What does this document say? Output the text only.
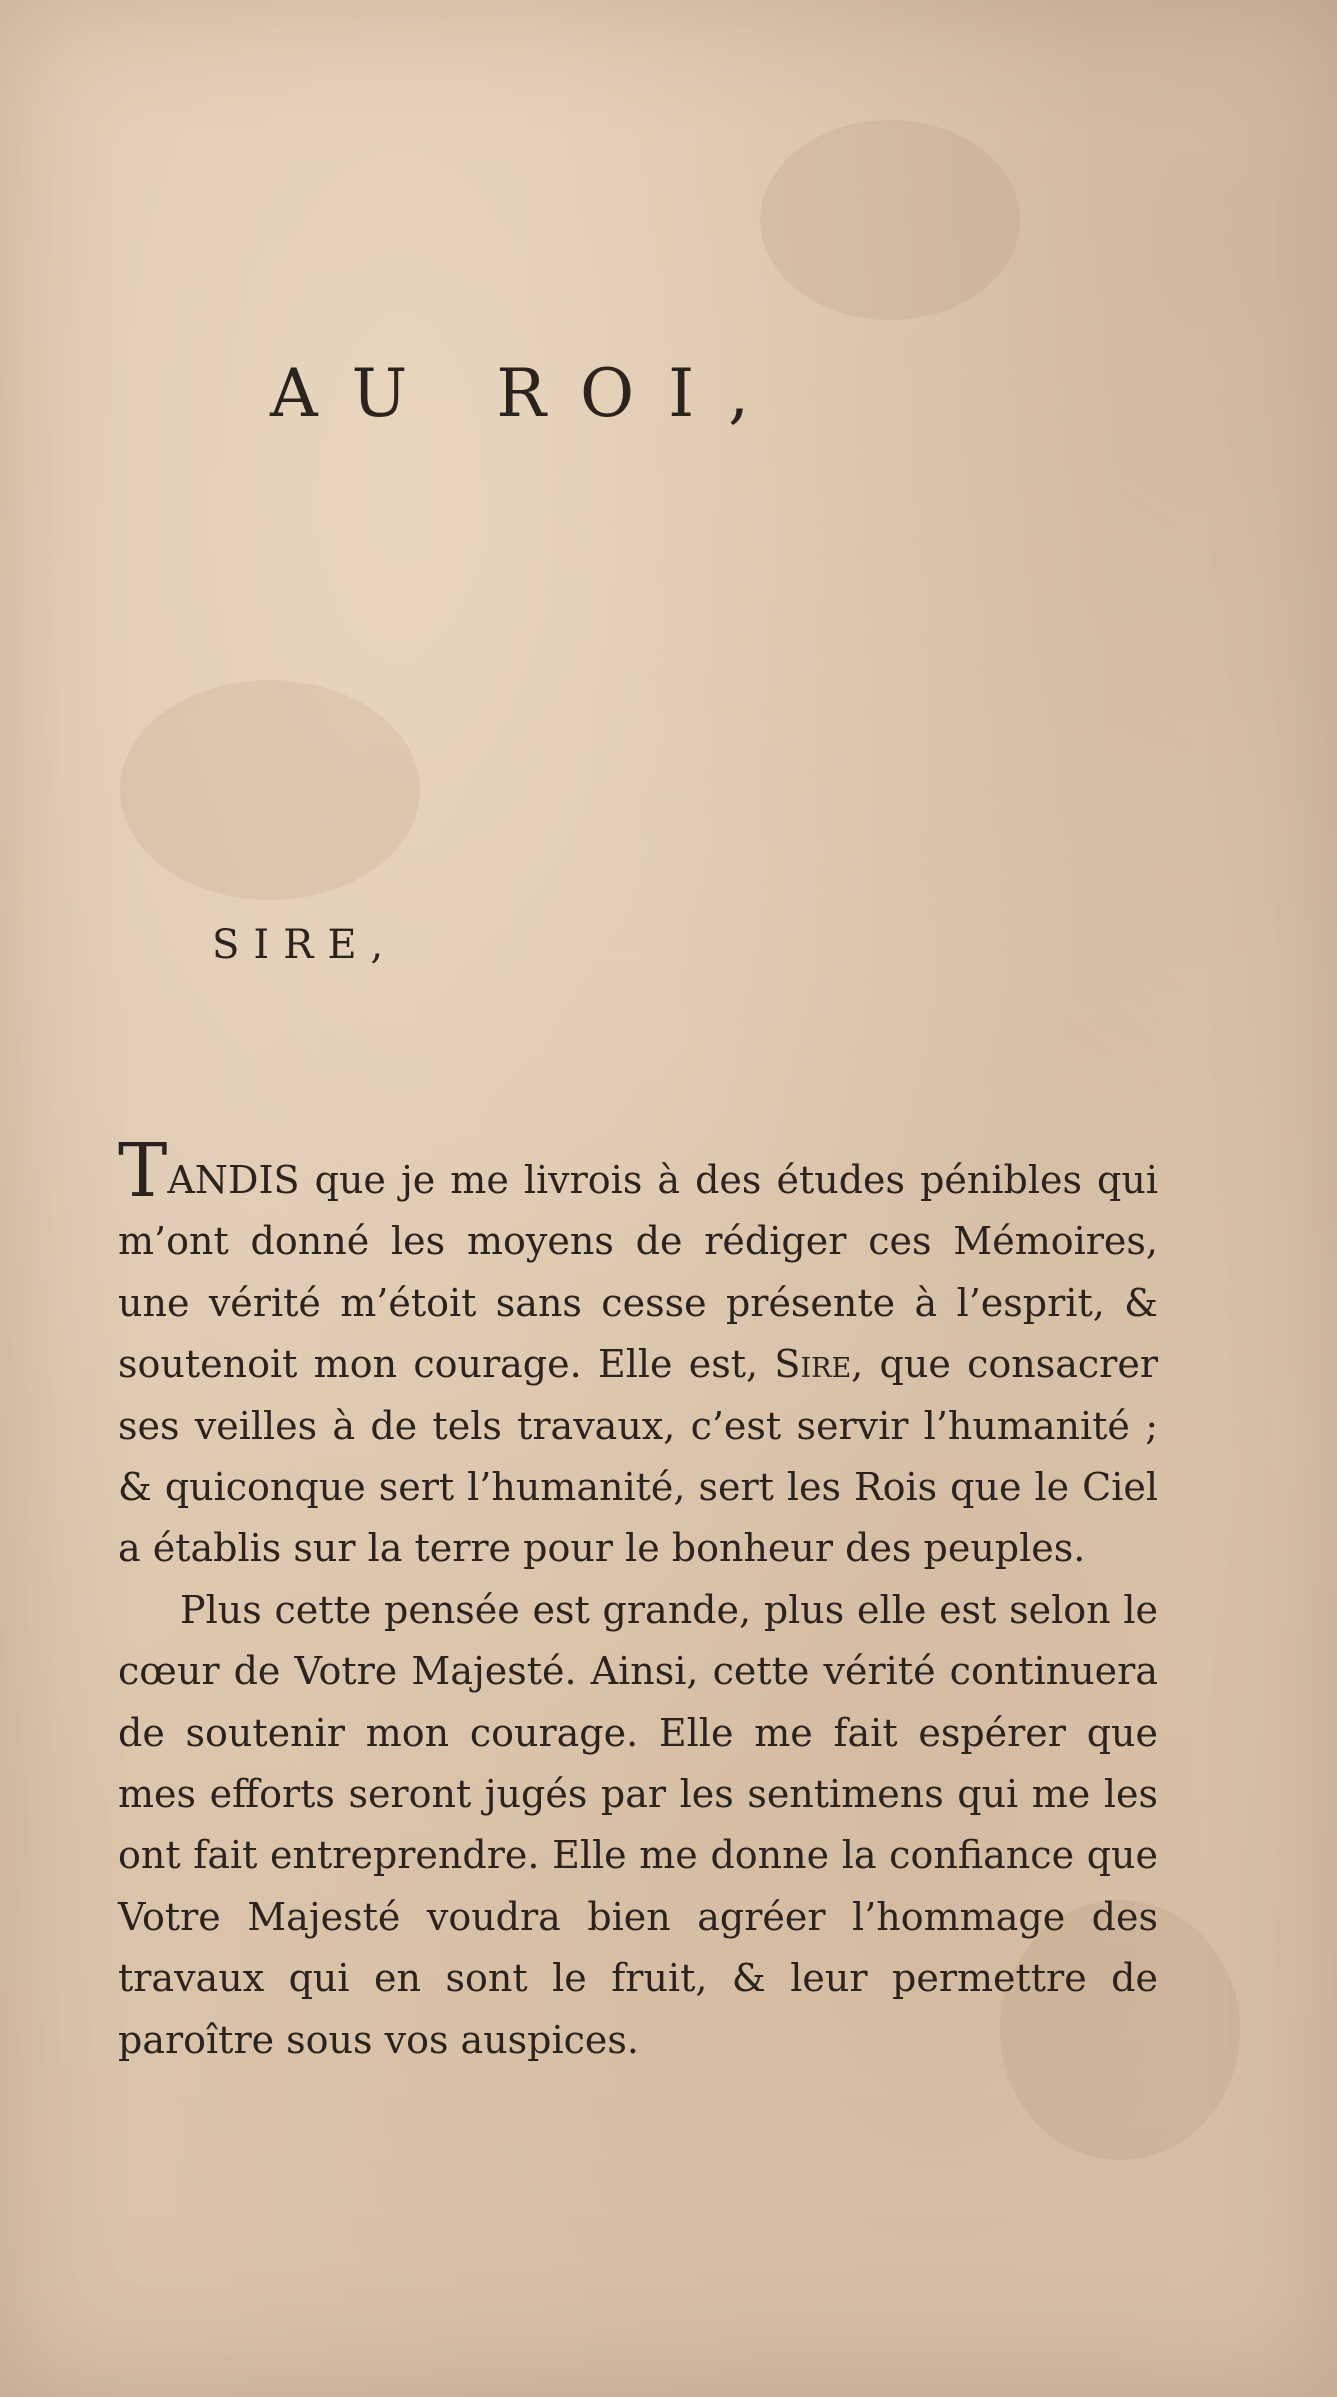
AU ROI,
SIRE,

TANDIS que je me livrois à des études pénibles qui m’ont donné les moyens de rédiger ces Mémoires, une vérité m’étoit sans cesse présente à l’esprit, & soutenoit mon courage. Elle est, Sire, que consacrer ses veilles à de tels travaux, c’est servir l’humanité ; & quiconque sert l’humanité, sert les Rois que le Ciel a établis sur la terre pour le bonheur des peuples.

Plus cette pensée est grande, plus elle est selon le cœur de Votre Majesté. Ainsi, cette vérité continuera de soutenir mon courage. Elle me fait espérer que mes efforts seront jugés par les sentimens qui me les ont fait entreprendre. Elle me donne la confiance que Votre Majesté voudra bien agréer l’hommage des travaux qui en sont le fruit, & leur permettre de paroître sous vos auspices.
